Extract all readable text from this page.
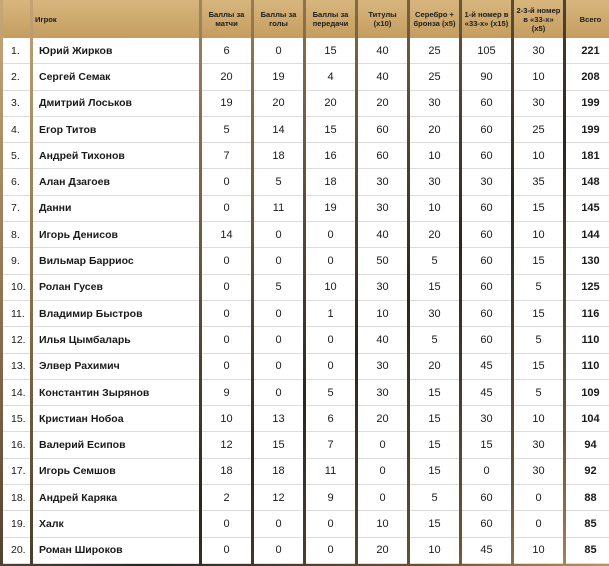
	Игрок	Баллы за матчи	Баллы за голы	Баллы за передачи	Титулы (x10)	Серебро + бронза (x5)	1-й номер в «33-х» (x15)	2-3-й номер в «33-х» (x5)	Всего
1.	Юрий Жирков	6	0	15	40	25	105	30	221
2.	Сергей Семак	20	19	4	40	25	90	10	208
3.	Дмитрий Лоськов	19	20	20	20	30	60	30	199
4.	Егор Титов	5	14	15	60	20	60	25	199
5.	Андрей Тихонов	7	18	16	60	10	60	10	181
6.	Алан Дзагоев	0	5	18	30	30	30	35	148
7.	Данни	0	11	19	30	10	60	15	145
8.	Игорь Денисов	14	0	0	40	20	60	10	144
9.	Вильмар Барриос	0	0	0	50	5	60	15	130
10.	Ролан Гусев	0	5	10	30	15	60	5	125
11.	Владимир Быстров	0	0	1	10	30	60	15	116
12.	Илья Цымбаларь	0	0	0	40	5	60	5	110
13.	Элвер Рахимич	0	0	0	30	20	45	15	110
14.	Константин Зырянов	9	0	5	30	15	45	5	109
15.	Кристиан Нобоа	10	13	6	20	15	30	10	104
16.	Валерий Есипов	12	15	7	0	15	15	30	94
17.	Игорь Семшов	18	18	11	0	15	0	30	92
18.	Андрей Каряка	2	12	9	0	5	60	0	88
19.	Халк	0	0	0	10	15	60	0	85
20.	Роман Широков	0	0	0	20	10	45	10	85
